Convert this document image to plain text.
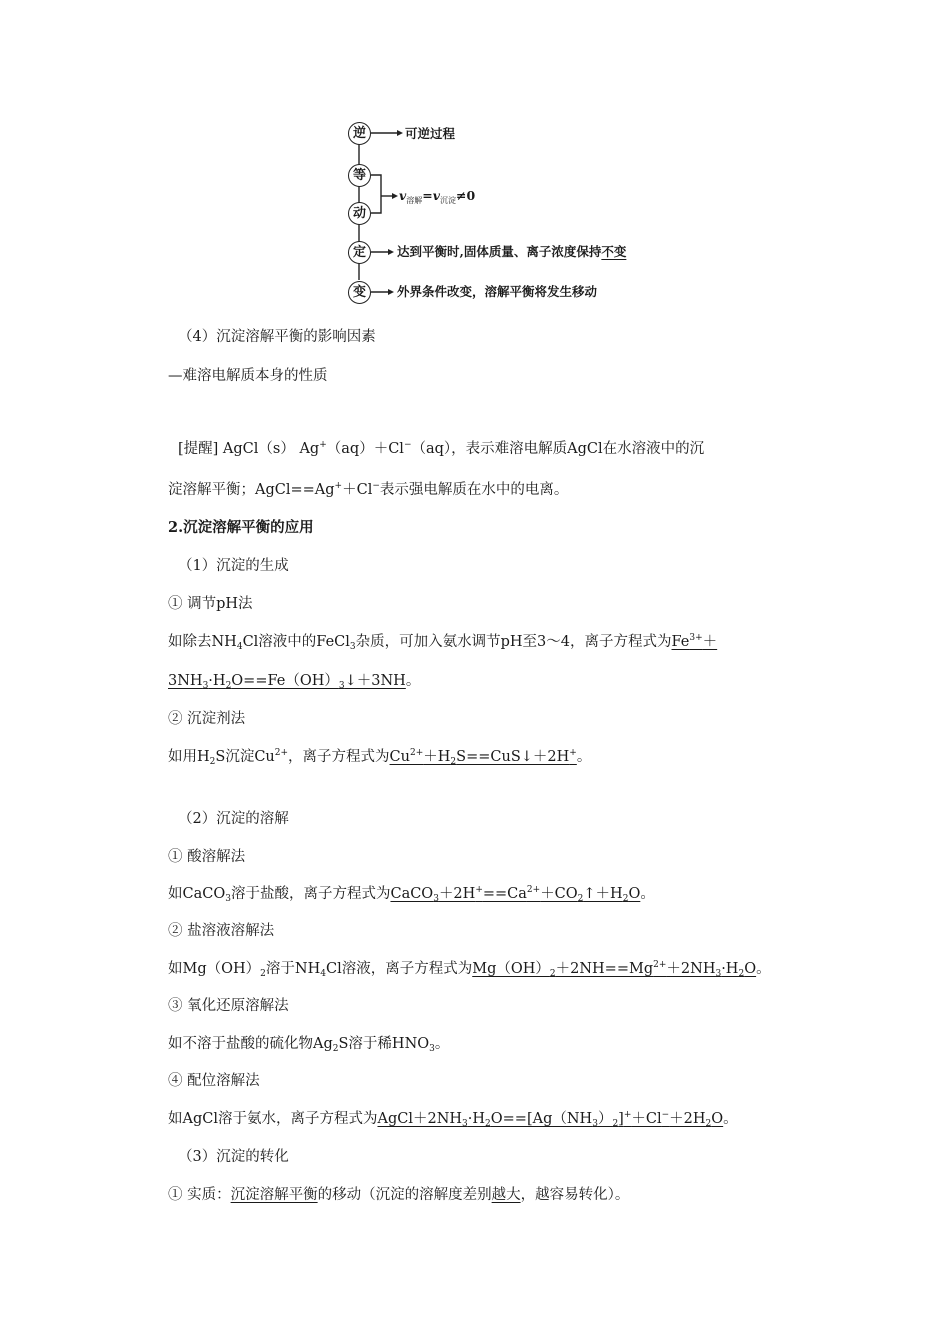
逆
等
动
定
变
可逆过程
$v_{溶解}=v_{沉淀}\ne 0$
达到平衡时,固体质量、离子浓度保持不变
外界条件改变，溶解平衡将发生移动
（4）沉淀溶解平衡的影响因素
—难溶电解质本身的性质
[提醒] AgCl（s） Ag+（aq）＋Cl−（aq），表示难溶电解质AgCl在水溶液中的沉
淀溶解平衡；AgCl==Ag+＋Cl−表示强电解质在水中的电离。
2.沉淀溶解平衡的应用
（1）沉淀的生成
① 调节pH法
如除去$NH_4Cl$溶液中的FeCl$_3$杂质，可加入氨水调节pH至3～4，离子方程式为$Fe^{3+}+$
$3NH_3\cdot H_2O==Fe(OH)_3↓+3NH$。
② 沉淀剂法
如用$H_2S$沉淀$Cu^{2+}$，离子方程式为$Cu^{2+}+H_2S==CuS↓+2H^+$。
（2）沉淀的溶解
① 酸溶解法
如CaCO$_3$溶于盐酸，离子方程式为$CaCO_3+2H^+==Ca^{2+}+CO_2↑+H_2O$。
② 盐溶液溶解法
如$Mg(OH)_2$溶于$NH_4Cl$溶液，离子方程式为$Mg(OH)_2+2NH==Mg^{2+}+2NH_3\cdot H_2O$。
③ 氧化还原溶解法
如不溶于盐酸的硫化物$Ag_2S$溶于稀$HNO_3$。
④ 配位溶解法
如AgCl溶于氨水，离子方程式为$AgCl+2NH_3\cdot H_2O==[Ag(NH_3)_2]^++Cl^-+2H_2O$。
（3）沉淀的转化
① 实质：沉淀溶解平衡的移动（沉淀的溶解度差别越大，越容易转化）。
